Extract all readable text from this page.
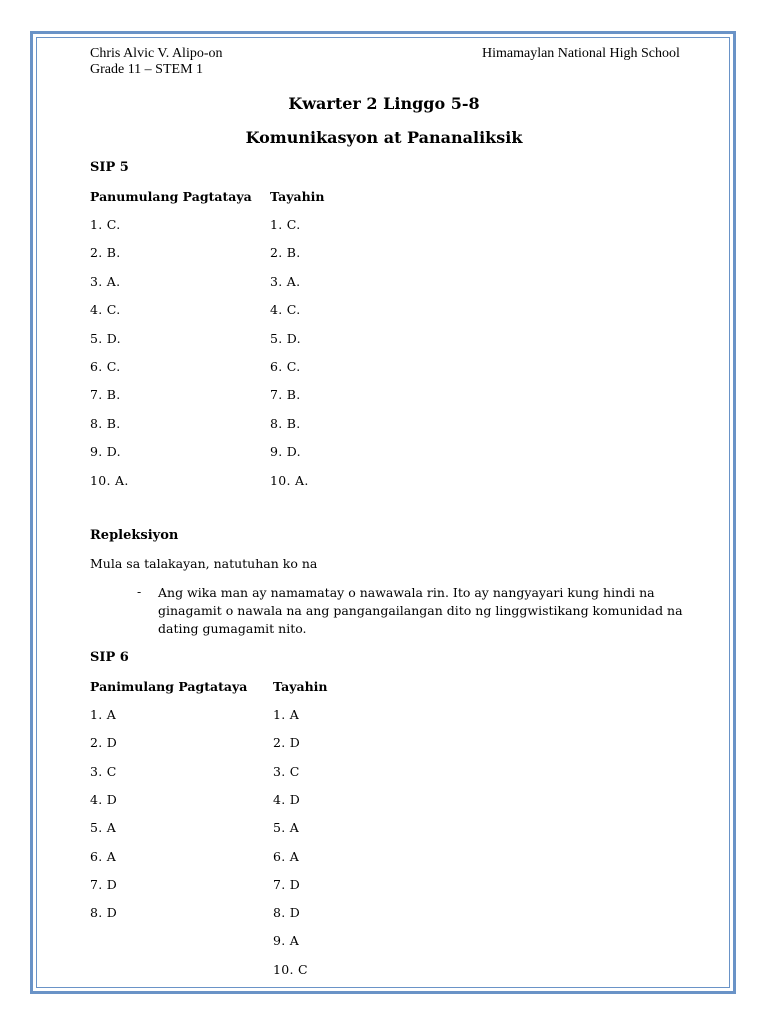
Chris Alvic V. Alipo-on
Grade 11 – STEM 1
Himamaylan National High School
Kwarter 2 Linggo 5-8
Komunikasyon at Pananaliksik
SIP 5
Panumulang Pagtataya Tayahin
1. C.
2. B.
3. A.
4. C.
5. D.
6. C.
7. B.
8. B.
9. D.
10. A.
1. C.
2. B.
3. A.
4. C.
5. D.
6. C.
7. B.
8. B.
9. D.
10. A.
Repleksiyon
Mula sa talakayan, natutuhan ko na
- Ang wika man ay namamatay o nawawala rin. Ito ay nangyayari kung hindi na ginagamit o nawala na ang pangangailangan dito ng linggwistikang komunidad na dating gumagamit nito.
SIP 6
Panimulang Pagtataya Tayahin
1. A
2. D
3. C
4. D
5. A
6. A
7. D
8. D
1. A
2. D
3. C
4. D
5. A
6. A
7. D
8. D
9. A
10. C
